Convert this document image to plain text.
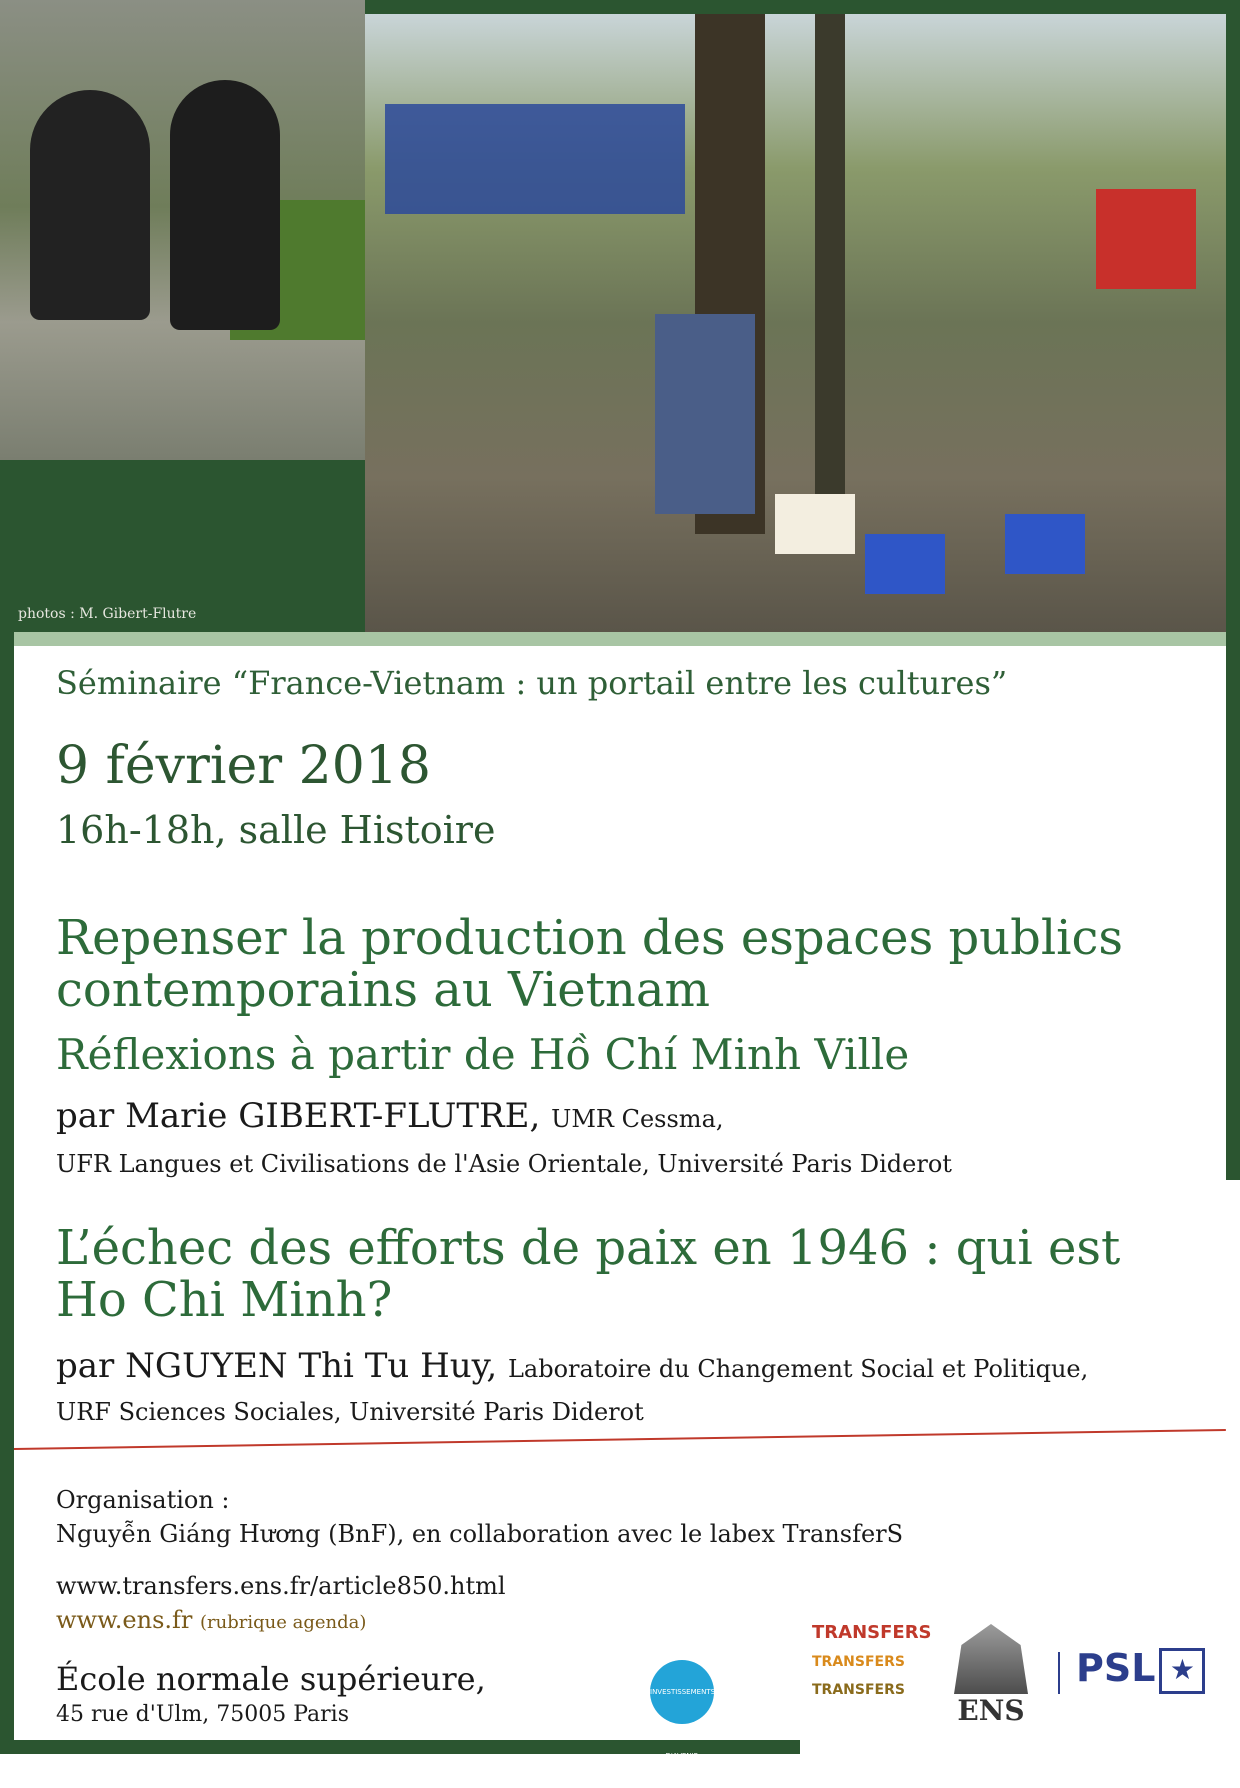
photos : M. Gibert-Flutre
Séminaire “France-Vietnam : un portail entre les cultures”
9 février 2018
16h-18h, salle Histoire
Repenser la production des espaces publics contemporains au Vietnam
Réflexions à partir de Hồ Chí Minh Ville
par Marie GIBERT-FLUTRE, UMR Cessma,
UFR Langues et Civilisations de l'Asie Orientale, Université Paris Diderot
L’échec des efforts de paix en 1946 : qui est Ho Chi Minh?
par NGUYEN Thi Tu Huy, Laboratoire du Changement Social et Politique,
URF Sciences Sociales, Université Paris Diderot
Organisation :
Nguyễn Giáng Hương (BnF), en collaboration avec le labex TransferS
www.transfers.ens.fr/article850.html
www.ens.fr (rubrique agenda)
École normale supérieure,
45 rue d'Ulm, 75005 Paris
INVESTISSEMENTS D'AVENIR
TRANSFERS
TRANSFERS
TRANSFERS
ENS
PSL ★
